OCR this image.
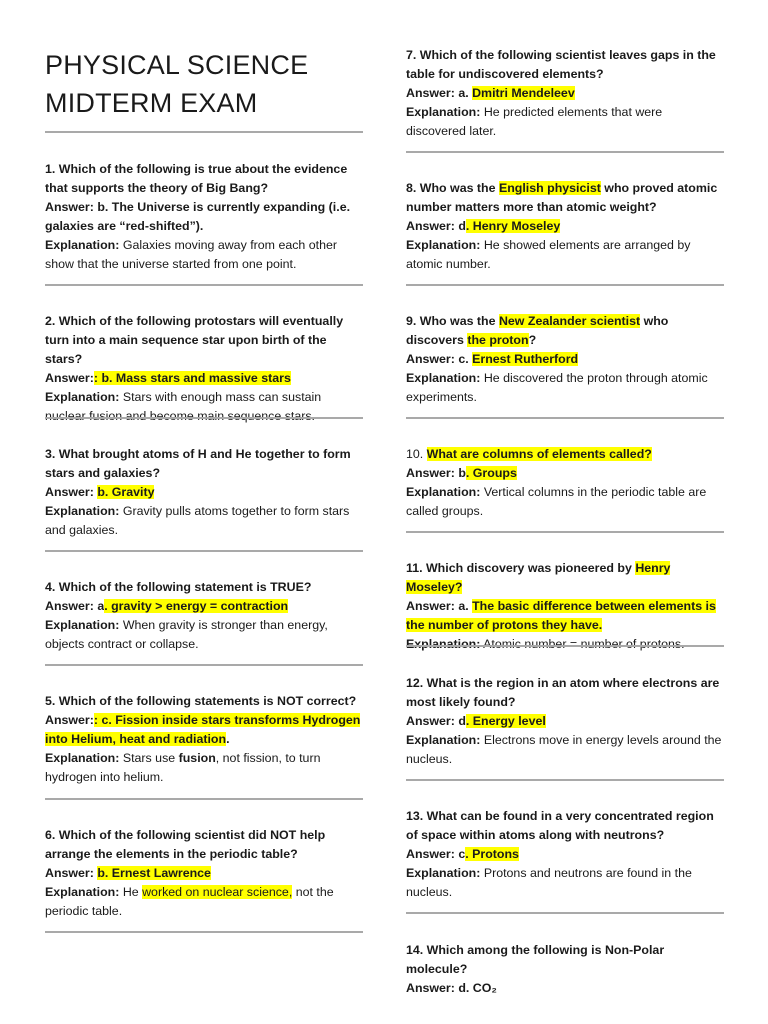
PHYSICAL SCIENCE
MIDTERM EXAM

1. Which of the following is true about the evidence that supports the theory of Big Bang?

Answer: b. The Universe is currently expanding (i.e. galaxies are “red-shifted”).

Explanation: Galaxies moving away from each other show that the universe started from one point.

2. Which of the following protostars will eventually turn into a main sequence star upon birth of the stars?

Answer:: b. Mass stars and massive stars

Explanation: Stars with enough mass can sustain nuclear fusion and become main sequence stars.

3. What brought atoms of H and He together to form stars and galaxies?

Answer: b. Gravity

Explanation: Gravity pulls atoms together to form stars and galaxies.

4. Which of the following statement is TRUE?

Answer: a. gravity > energy = contraction

Explanation: When gravity is stronger than energy, objects contract or collapse.

5. Which of the following statements is NOT correct?

Answer:: c. Fission inside stars transforms Hydrogen into Helium, heat and radiation.

Explanation: Stars use fusion, not fission, to turn hydrogen into helium.

6. Which of the following scientist did NOT help arrange the elements in the periodic table?

Answer: b. Ernest Lawrence

Explanation: He worked on nuclear science, not the periodic table.

7. Which of the following scientist leaves gaps in the table for undiscovered elements?

Answer: a. Dmitri Mendeleev

Explanation: He predicted elements that were discovered later.

8. Who was the English physicist who proved atomic number matters more than atomic weight?

Answer: d. Henry Moseley

Explanation: He showed elements are arranged by atomic number.

9. Who was the New Zealander scientist who discovers the proton?

Answer: c. Ernest Rutherford

Explanation: He discovered the proton through atomic experiments.

10. What are columns of elements called?

Answer: b. Groups

Explanation: Vertical columns in the periodic table are called groups.

11. Which discovery was pioneered by Henry Moseley?

Answer: a. The basic difference between elements is the number of protons they have.

Explanation: Atomic number = number of protons.

12. What is the region in an atom where electrons are most likely found?

Answer: d. Energy level

Explanation: Electrons move in energy levels around the nucleus.

13. What can be found in a very concentrated region of space within atoms along with neutrons?

Answer: c. Protons

Explanation: Protons and neutrons are found in the nucleus.

14. Which among the following is Non-Polar molecule?

Answer: d. CO₂
